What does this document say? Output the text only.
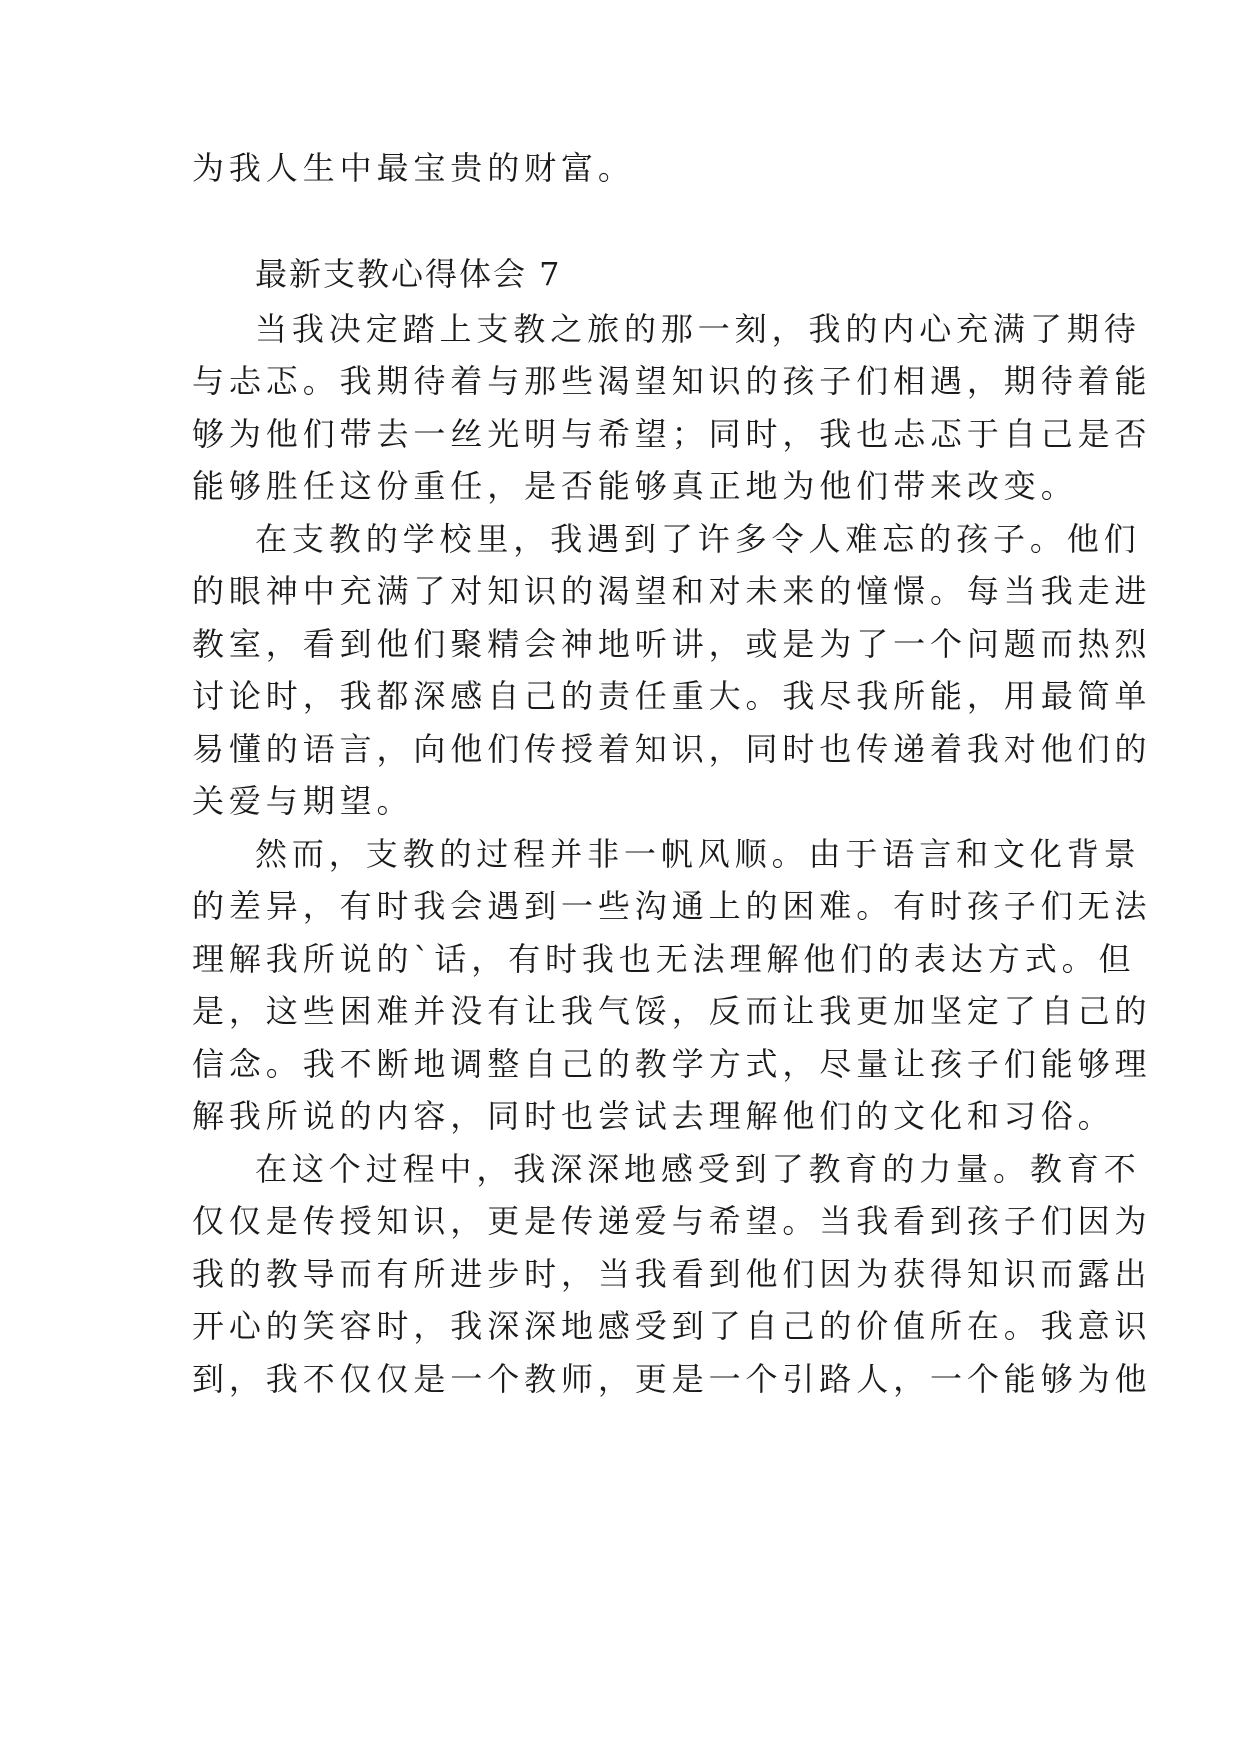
为我人生中最宝贵的财富。
最新支教心得体会 7
当我决定踏上支教之旅的那一刻，我的内心充满了期待
与忐忑。我期待着与那些渴望知识的孩子们相遇，期待着能
够为他们带去一丝光明与希望；同时，我也忐忑于自己是否
能够胜任这份重任，是否能够真正地为他们带来改变。
在支教的学校里，我遇到了许多令人难忘的孩子。他们
的眼神中充满了对知识的渴望和对未来的憧憬。每当我走进
教室，看到他们聚精会神地听讲，或是为了一个问题而热烈
讨论时，我都深感自己的责任重大。我尽我所能，用最简单
易懂的语言，向他们传授着知识，同时也传递着我对他们的
关爱与期望。
然而，支教的过程并非一帆风顺。由于语言和文化背景
的差异，有时我会遇到一些沟通上的困难。有时孩子们无法
理解我所说的`话，有时我也无法理解他们的表达方式。但
是，这些困难并没有让我气馁，反而让我更加坚定了自己的
信念。我不断地调整自己的教学方式，尽量让孩子们能够理
解我所说的内容，同时也尝试去理解他们的文化和习俗。
在这个过程中，我深深地感受到了教育的力量。教育不
仅仅是传授知识，更是传递爱与希望。当我看到孩子们因为
我的教导而有所进步时，当我看到他们因为获得知识而露出
开心的笑容时，我深深地感受到了自己的价值所在。我意识
到，我不仅仅是一个教师，更是一个引路人，一个能够为他
